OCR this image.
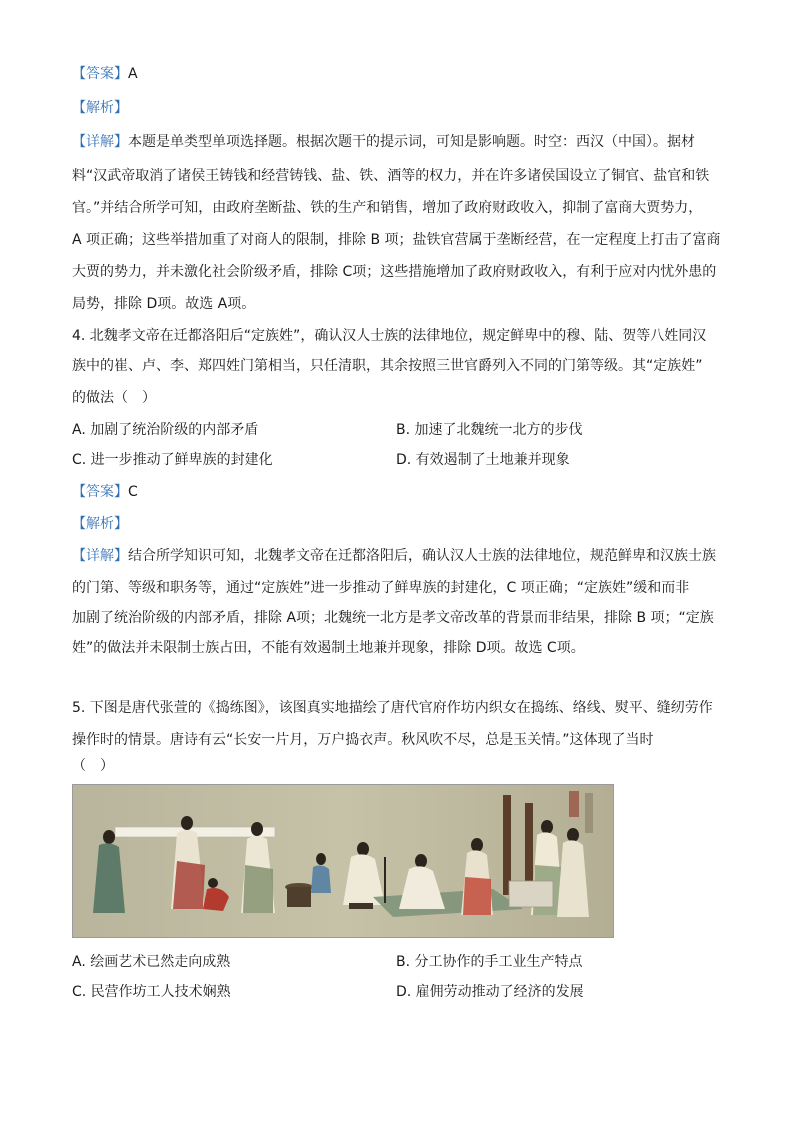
【答案】A
【解析】
【详解】本题是单类型单项选择题。根据次题干的提示词，可知是影响题。时空：西汉（中国）。据材
料“汉武帝取消了诸侯王铸钱和经营铸钱、盐、铁、酒等的权力，并在许多诸侯国设立了铜官、盐官和铁
官。”并结合所学可知，由政府垄断盐、铁的生产和销售，增加了政府财政收入，抑制了富商大贾势力，
A 项正确；这些举措加重了对商人的限制，排除 B 项；盐铁官营属于垄断经营，在一定程度上打击了富商
大贾的势力，并未激化社会阶级矛盾，排除 C项；这些措施增加了政府财政收入，有利于应对内忧外患的
局势，排除 D项。故选 A项。
4. 北魏孝文帝在迁都洛阳后“定族姓”，确认汉人士族的法律地位，规定鲜卑中的穆、陆、贺等八姓同汉
族中的崔、卢、李、郑四姓门第相当，只任清职，其余按照三世官爵列入不同的门第等级。其“定族姓”
的做法（　）
A. 加剧了统治阶级的内部矛盾	B. 加速了北魏统一北方的步伐
C. 进一步推动了鲜卑族的封建化	D. 有效遏制了土地兼并现象
【答案】C
【解析】
【详解】结合所学知识可知，北魏孝文帝在迁都洛阳后，确认汉人士族的法律地位，规范鲜卑和汉族士族
的门第、等级和职务等，通过“定族姓”进一步推动了鲜卑族的封建化，C 项正确；“定族姓”缓和而非
加剧了统治阶级的内部矛盾，排除 A项；北魏统一北方是孝文帝改革的背景而非结果，排除 B 项；“定族
姓”的做法并未限制士族占田，不能有效遏制土地兼并现象，排除 D项。故选 C项。
5. 下图是唐代张萱的《捣练图》，该图真实地描绘了唐代官府作坊内织女在捣练、络线、熨平、缝纫劳作
操作时的情景。唐诗有云“长安一片月，万户捣衣声。秋风吹不尽，总是玉关情。”这体现了当时
（　）
A. 绘画艺术已然走向成熟	B. 分工协作的手工业生产特点
C. 民营作坊工人技术娴熟	D. 雇佣劳动推动了经济的发展
